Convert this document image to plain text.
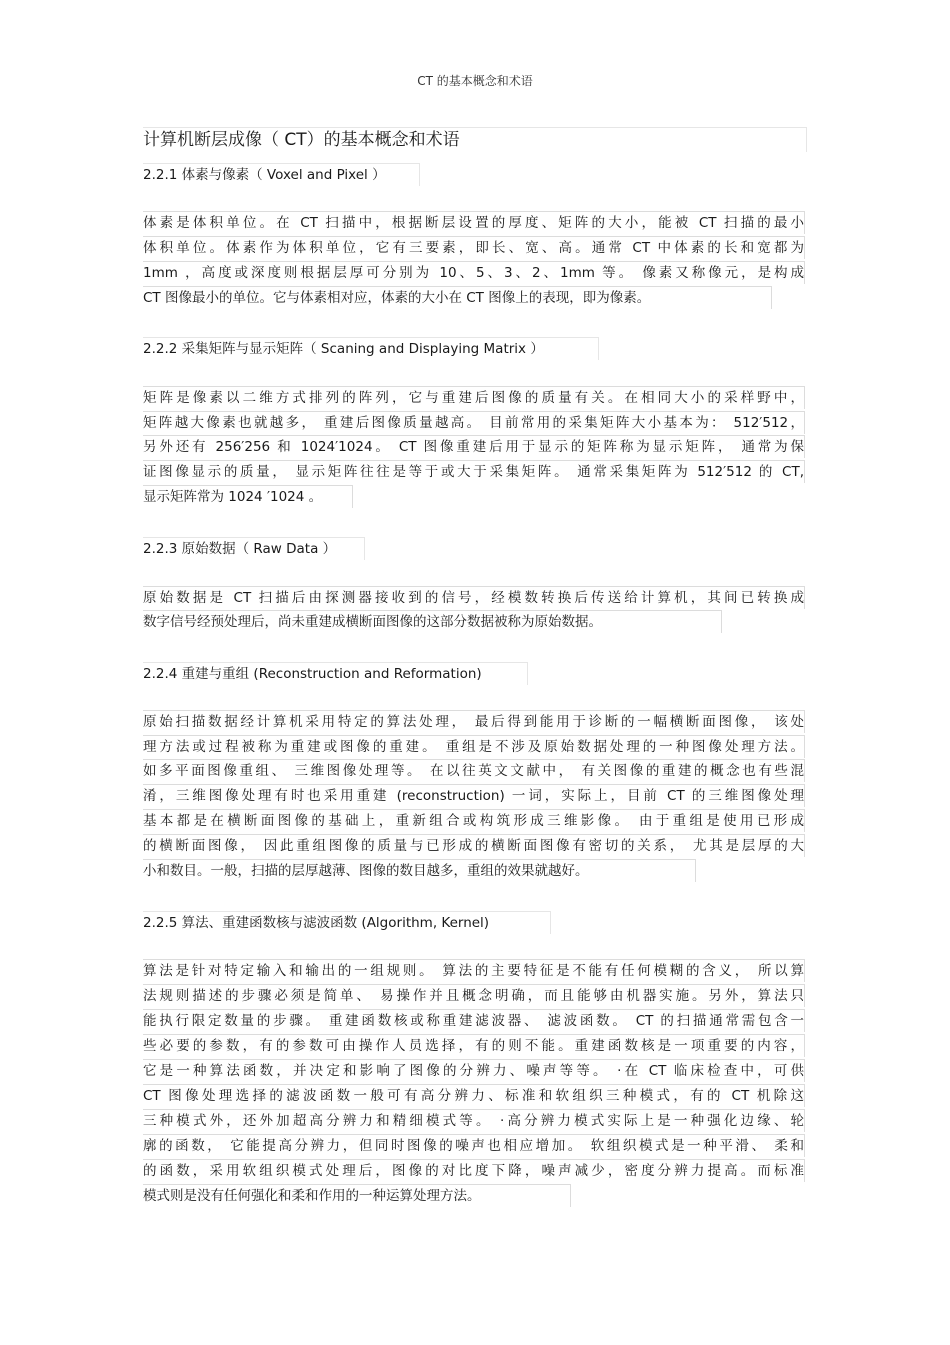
CT 的基本概念和术语
计算机断层成像（ CT）的基本概念和术语
2.2.1 体素与像素（ Voxel and Pixel ）
体素是体积单位。在 CT 扫描中，根据断层设置的厚度、矩阵的大小，能被 CT 扫描的最小
体积单位。体素作为体积单位，它有三要素，即长、宽、高。通常 CT 中体素的长和宽都为
1mm ，高度或深度则根据层厚可分别为 10、5、3、2、1mm 等。 像素又称像元，是构成
CT 图像最小的单位。它与体素相对应，体素的大小在 CT 图像上的表现，即为像素。
2.2.2 采集矩阵与显示矩阵（ Scaning and Displaying Matrix ）
矩阵是像素以二维方式排列的阵列，它与重建后图像的质量有关。在相同大小的采样野中，
矩阵越大像素也就越多， 重建后图像质量越高。 目前常用的采集矩阵大小基本为： 512′512，
另外还有 256′256 和 1024′1024。 CT 图像重建后用于显示的矩阵称为显示矩阵， 通常为保
证图像显示的质量， 显示矩阵往往是等于或大于采集矩阵。 通常采集矩阵为 512′512 的 CT,
显示矩阵常为 1024 ′1024 。
2.2.3 原始数据（ Raw Data ）
原始数据是 CT 扫描后由探测器接收到的信号，经模数转换后传送给计算机，其间已转换成
数字信号经预处理后，尚未重建成横断面图像的这部分数据被称为原始数据。
2.2.4 重建与重组 (Reconstruction and Reformation)
原始扫描数据经计算机采用特定的算法处理， 最后得到能用于诊断的一幅横断面图像， 该处
理方法或过程被称为重建或图像的重建。 重组是不涉及原始数据处理的一种图像处理方法。
如多平面图像重组、 三维图像处理等。 在以往英文文献中， 有关图像的重建的概念也有些混
淆，三维图像处理有时也采用重建 (reconstruction) 一词，实际上，目前 CT 的三维图像处理
基本都是在横断面图像的基础上，重新组合或构筑形成三维影像。 由于重组是使用已形成
的横断面图像， 因此重组图像的质量与已形成的横断面图像有密切的关系， 尤其是层厚的大
小和数目。一般，扫描的层厚越薄、图像的数目越多，重组的效果就越好。
2.2.5 算法、重建函数核与滤波函数 (Algorithm, Kernel)
算法是针对特定输入和输出的一组规则。 算法的主要特征是不能有任何模糊的含义， 所以算
法规则描述的步骤必须是简单、 易操作并且概念明确，而且能够由机器实施。另外，算法只
能执行限定数量的步骤。 重建函数核或称重建滤波器、 滤波函数。 CT 的扫描通常需包含一
些必要的参数，有的参数可由操作人员选择，有的则不能。重建函数核是一项重要的内容，
它是一种算法函数，并决定和影响了图像的分辨力、噪声等等。 ·在 CT 临床检查中，可供
CT 图像处理选择的滤波函数一般可有高分辨力、标准和软组织三种模式，有的 CT 机除这
三种模式外，还外加超高分辨力和精细模式等。 ·高分辨力模式实际上是一种强化边缘、轮
廓的函数， 它能提高分辨力，但同时图像的噪声也相应增加。 软组织模式是一种平滑、 柔和
的函数，采用软组织模式处理后，图像的对比度下降，噪声减少，密度分辨力提高。而标准
模式则是没有任何强化和柔和作用的一种运算处理方法。
